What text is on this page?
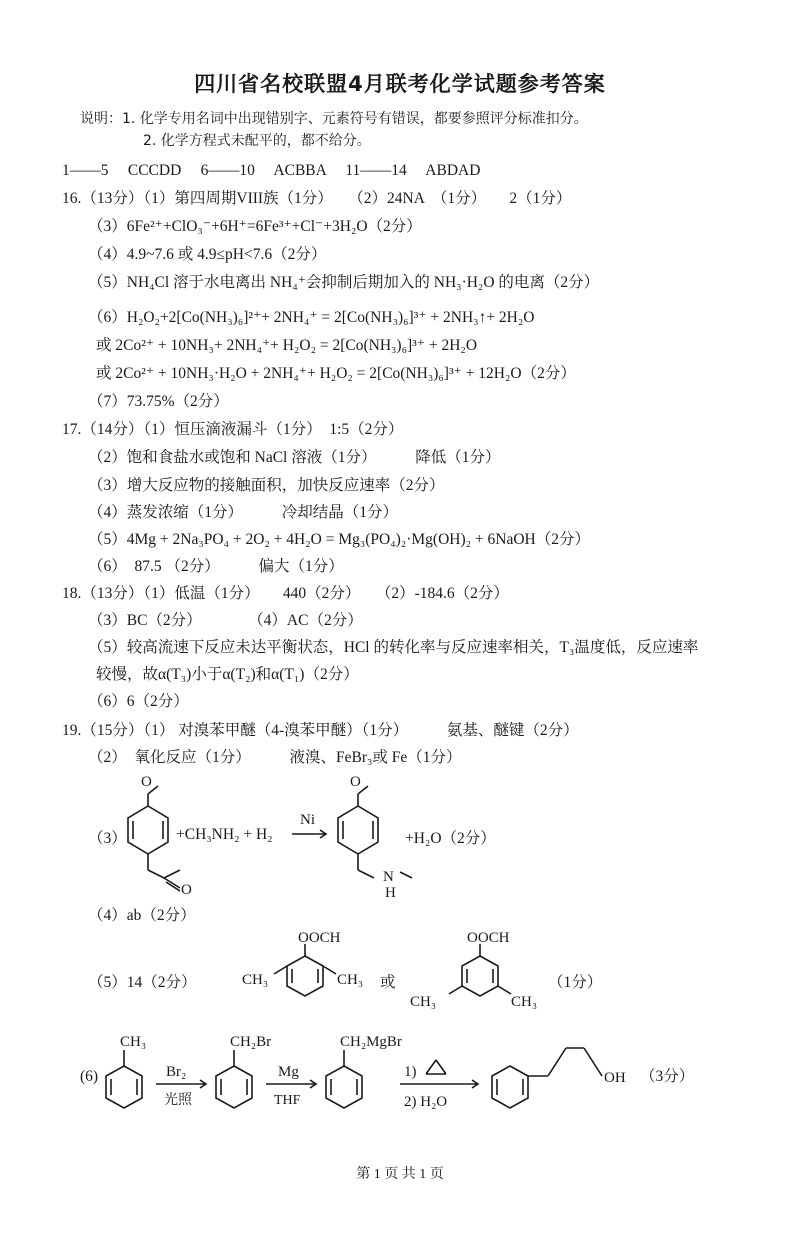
四川省名校联盟4月联考化学试题参考答案
说明：1. 化学专用名词中出现错别字、元素符号有错误，都要参照评分标准扣分。
2. 化学方程式未配平的，都不给分。
1——5　 CCCDD　 6——10　 ACBBA　 11——14　 ABDAD
16.（13分）（1）第四周期VIII族（1分）　　（2）24NA　（1分）　　2（1分）
（3）6Fe²⁺+ClO₃⁻+6H⁺=6Fe³⁺+Cl⁻+3H₂O（2分）
（4）4.9~7.6 或 4.9≤pH<7.6（2分）
（5）NH₄Cl 溶于水电离出 NH₄⁺会抑制后期加入的 NH₃·H₂O 的电离（2分）
（6）H₂O₂+2[Co(NH₃)₆]²⁺+ 2NH₄⁺ = 2[Co(NH₃)₆]³⁺ + 2NH₃↑+ 2H₂O
或 2Co²⁺ + 10NH₃+ 2NH₄⁺+ H₂O₂ = 2[Co(NH₃)₆]³⁺ + 2H₂O
或 2Co²⁺ + 10NH₃·H₂O + 2NH₄⁺+ H₂O₂ = 2[Co(NH₃)₆]³⁺ + 12H₂O（2分）
（7）73.75%（2分）
17.（14分）（1）恒压滴液漏斗（1分）　1:5（2分）
（2）饱和食盐水或饱和 NaCl 溶液（1分）　　　降低（1分）
（3）增大反应物的接触面积，加快反应速率（2分）
（4）蒸发浓缩（1分）　　　冷却结晶（1分）
（5）4Mg + 2Na₃PO₄ + 2O₂ + 4H₂O = Mg₃(PO₄)₂·Mg(OH)₂ + 6NaOH（2分）
（6）　87.5 （2分）　　　偏大（1分）
18.（13分）（1）低温（1分）　　440（2分）　　（2）-184.6（2分）
（3）BC（2分）　　　　（4）AC（2分）
（5）较高流速下反应未达平衡状态，HCl 的转化率与反应速率相关，T₃温度低，反应速率
较慢，故α(T₃)小于α(T₂)和α(T₁)（2分）
（6）6（2分）
19.（15分）（1） 对溴苯甲醚（4-溴苯甲醚）（1分）　　　氨基、醚键（2分）
（2）　氧化反应（1分）　　　液溴、FeBr₃或 Fe（1分）
（3）
O
O
+CH₃NH₂ + H₂
Ni
O
N
H
+H₂O（2分）
（4）ab（2分）
（5）14（2分）
OOCH
CH₃	CH₃ 或
OOCH
CH₃	CH₃
（1分）
(6)
CH₃
Br₂
光照
CH₂Br
Mg
THF
CH₂MgBr
1)
2) H₂O
OH （3分）
第 1 页 共 1 页
